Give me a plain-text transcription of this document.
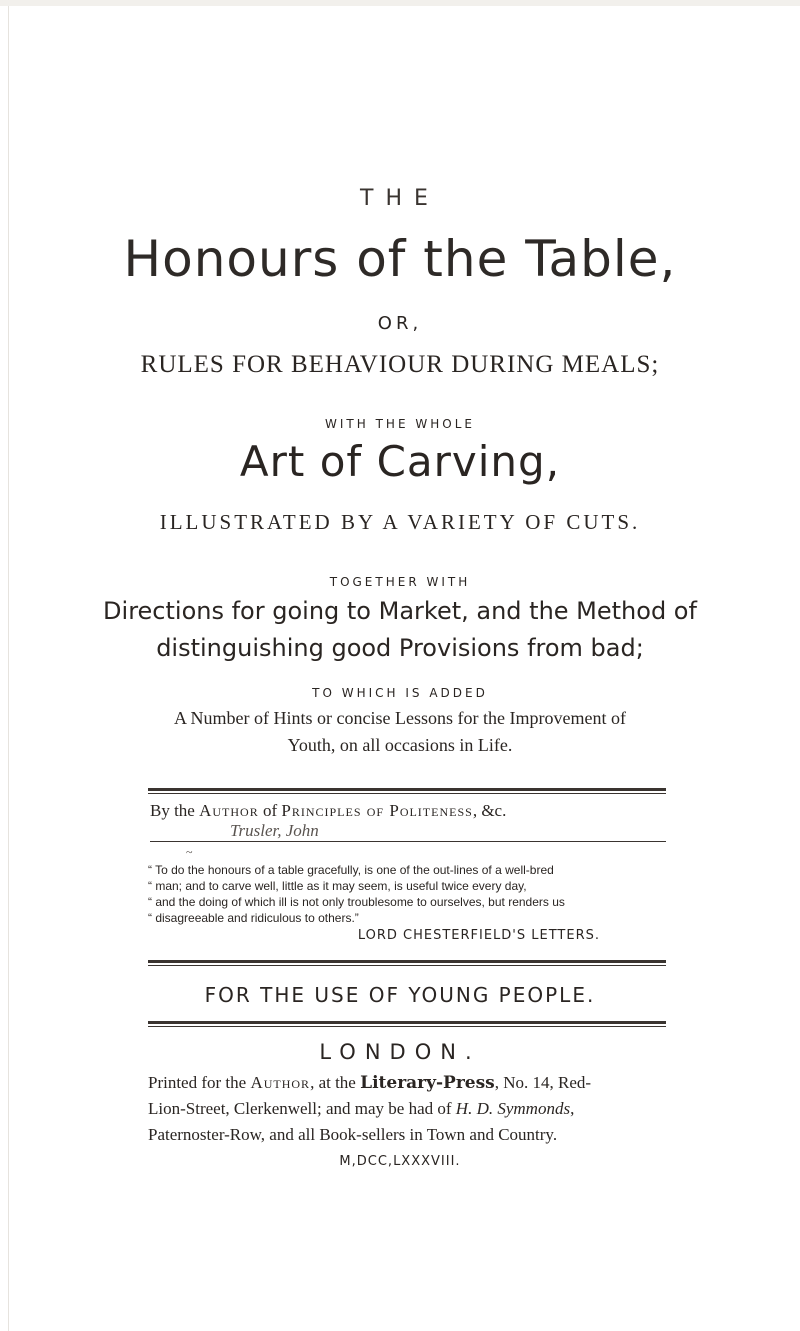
THE
Honours of the Table,
OR,
RULES FOR BEHAVIOUR DURING MEALS;
WITH THE WHOLE
Art of Carving,
ILLUSTRATED BY A VARIETY OF CUTS.
TOGETHER WITH
Directions for going to Market, and the Method of
distinguishing good Provisions from bad;
TO WHICH IS ADDED
A Number of Hints or concise Lessons for the Improvement of
Youth, on all occasions in Life.
By the Author of Principles of Politeness, &c.
Trusler, John
~
“ To do the honours of a table gracefully, is one of the out-lines of a well-bred
“ man; and to carve well, little as it may seem, is useful twice every day,
“ and the doing of which ill is not only troublesome to ourselves, but renders us
“ disagreeable and ridiculous to others.”
LORD CHESTERFIELD'S LETTERS.
FOR THE USE OF YOUNG PEOPLE.
LONDON.
Printed for the Author, at the Literary-Press, No. 14, Red-
Lion-Street, Clerkenwell; and may be had of H. D. Symmonds,
Paternoster-Row, and all Book-sellers in Town and Country.
M,DCC,LXXXVIII.
